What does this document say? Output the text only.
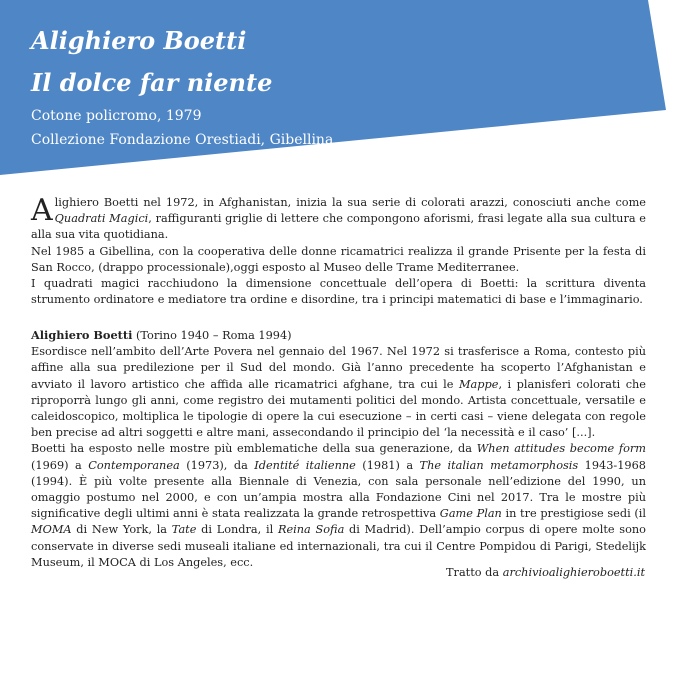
Alighiero Boetti
Il dolce far niente
Cotone policromo, 1979
Collezione Fondazione Orestiadi, Gibellina

Alighiero Boetti nel 1972, in Afghanistan, inizia la sua serie di colorati arazzi, conosciuti anche come Quadrati Magici, raffiguranti griglie di lettere che compongono aforismi, frasi legate alla sua cultura e alla sua vita quotidiana.

Nel 1985 a Gibellina, con la cooperativa delle donne ricamatrici realizza il grande Prisente per la festa di San Rocco, (drappo processionale),oggi esposto al Museo delle Trame Mediterranee.

I quadrati magici racchiudono la dimensione concettuale dell’opera di Boetti: la scrittura diventa strumento ordinatore e mediatore tra ordine e disordine, tra i principi matematici di base e l’immaginario.

Alighiero Boetti (Torino 1940 – Roma 1994)

Esordisce nell’ambito dell’Arte Povera nel gennaio del 1967. Nel 1972 si trasferisce a Roma, contesto più affine alla sua predilezione per il Sud del mondo. Già l’anno precedente ha scoperto l’Afghanistan e avviato il lavoro artistico che affida alle ricamatrici afghane, tra cui le Mappe, i planisferi colorati che riproporrà lungo gli anni, come registro dei mutamenti politici del mondo. Artista concettuale, versatile e caleidoscopico, moltiplica le tipologie di opere la cui esecuzione – in certi casi – viene delegata con regole ben precise ad altri soggetti e altre mani, assecondando il principio del ‘la necessità e il caso’ [...].

Boetti ha esposto nelle mostre più emblematiche della sua generazione, da When attitudes become form (1969) a Contemporanea (1973), da Identité italienne (1981) a The italian metamorphosis 1943-1968 (1994). È più volte presente alla Biennale di Venezia, con sala personale nell’edizione del 1990, un omaggio postumo nel 2000, e con un’ampia mostra alla Fondazione Cini nel 2017. Tra le mostre più significative degli ultimi anni è stata realizzata la grande retrospettiva Game Plan in tre prestigiose sedi (il MOMA di New York, la Tate di Londra, il Reina Sofia di Madrid). Dell’ampio corpus di opere molte sono conservate in diverse sedi museali italiane ed internazionali, tra cui il Centre Pompidou di Parigi, Stedelijk Museum, il MOCA di Los Angeles, ecc.

Tratto da archivioalighieroboetti.it
